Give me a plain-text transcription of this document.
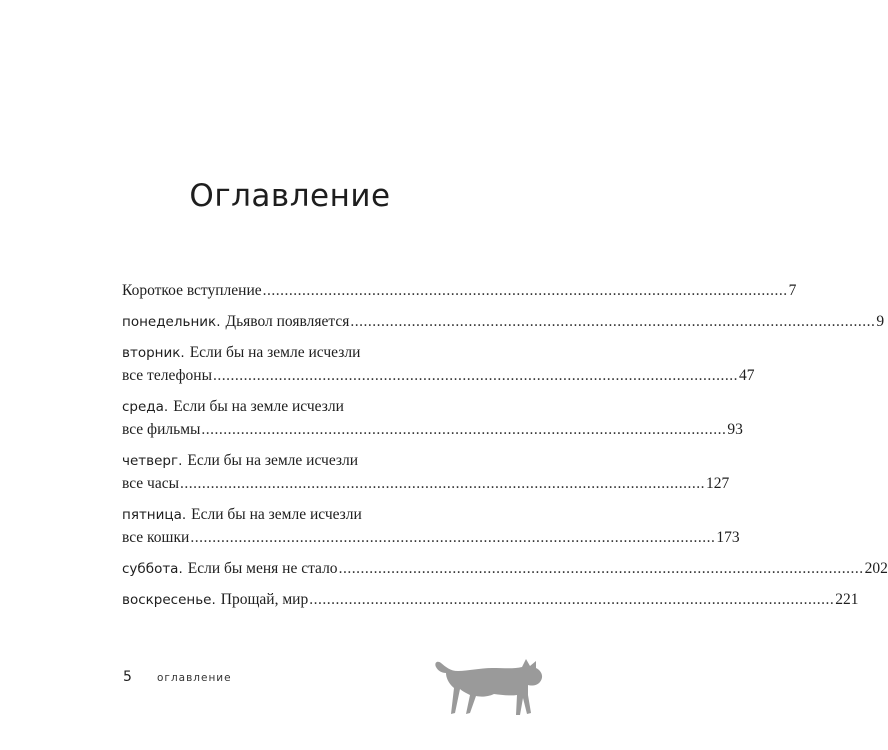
Оглавление
Короткое вступление ........................................................................................................................ 7
понедельник. Дьявол появляется ........................................................................................................................ 9
вторник. Если бы на земле исчезли
все телефоны ........................................................................................................................ 47
среда. Если бы на земле исчезли
все фильмы ........................................................................................................................ 93
четверг. Если бы на земле исчезли
все часы ........................................................................................................................ 127
пятница. Если бы на земле исчезли
все кошки ........................................................................................................................ 173
суббота. Если бы меня не стало ........................................................................................................................ 202
воскресенье. Прощай, мир ........................................................................................................................ 221
5 оглавление
